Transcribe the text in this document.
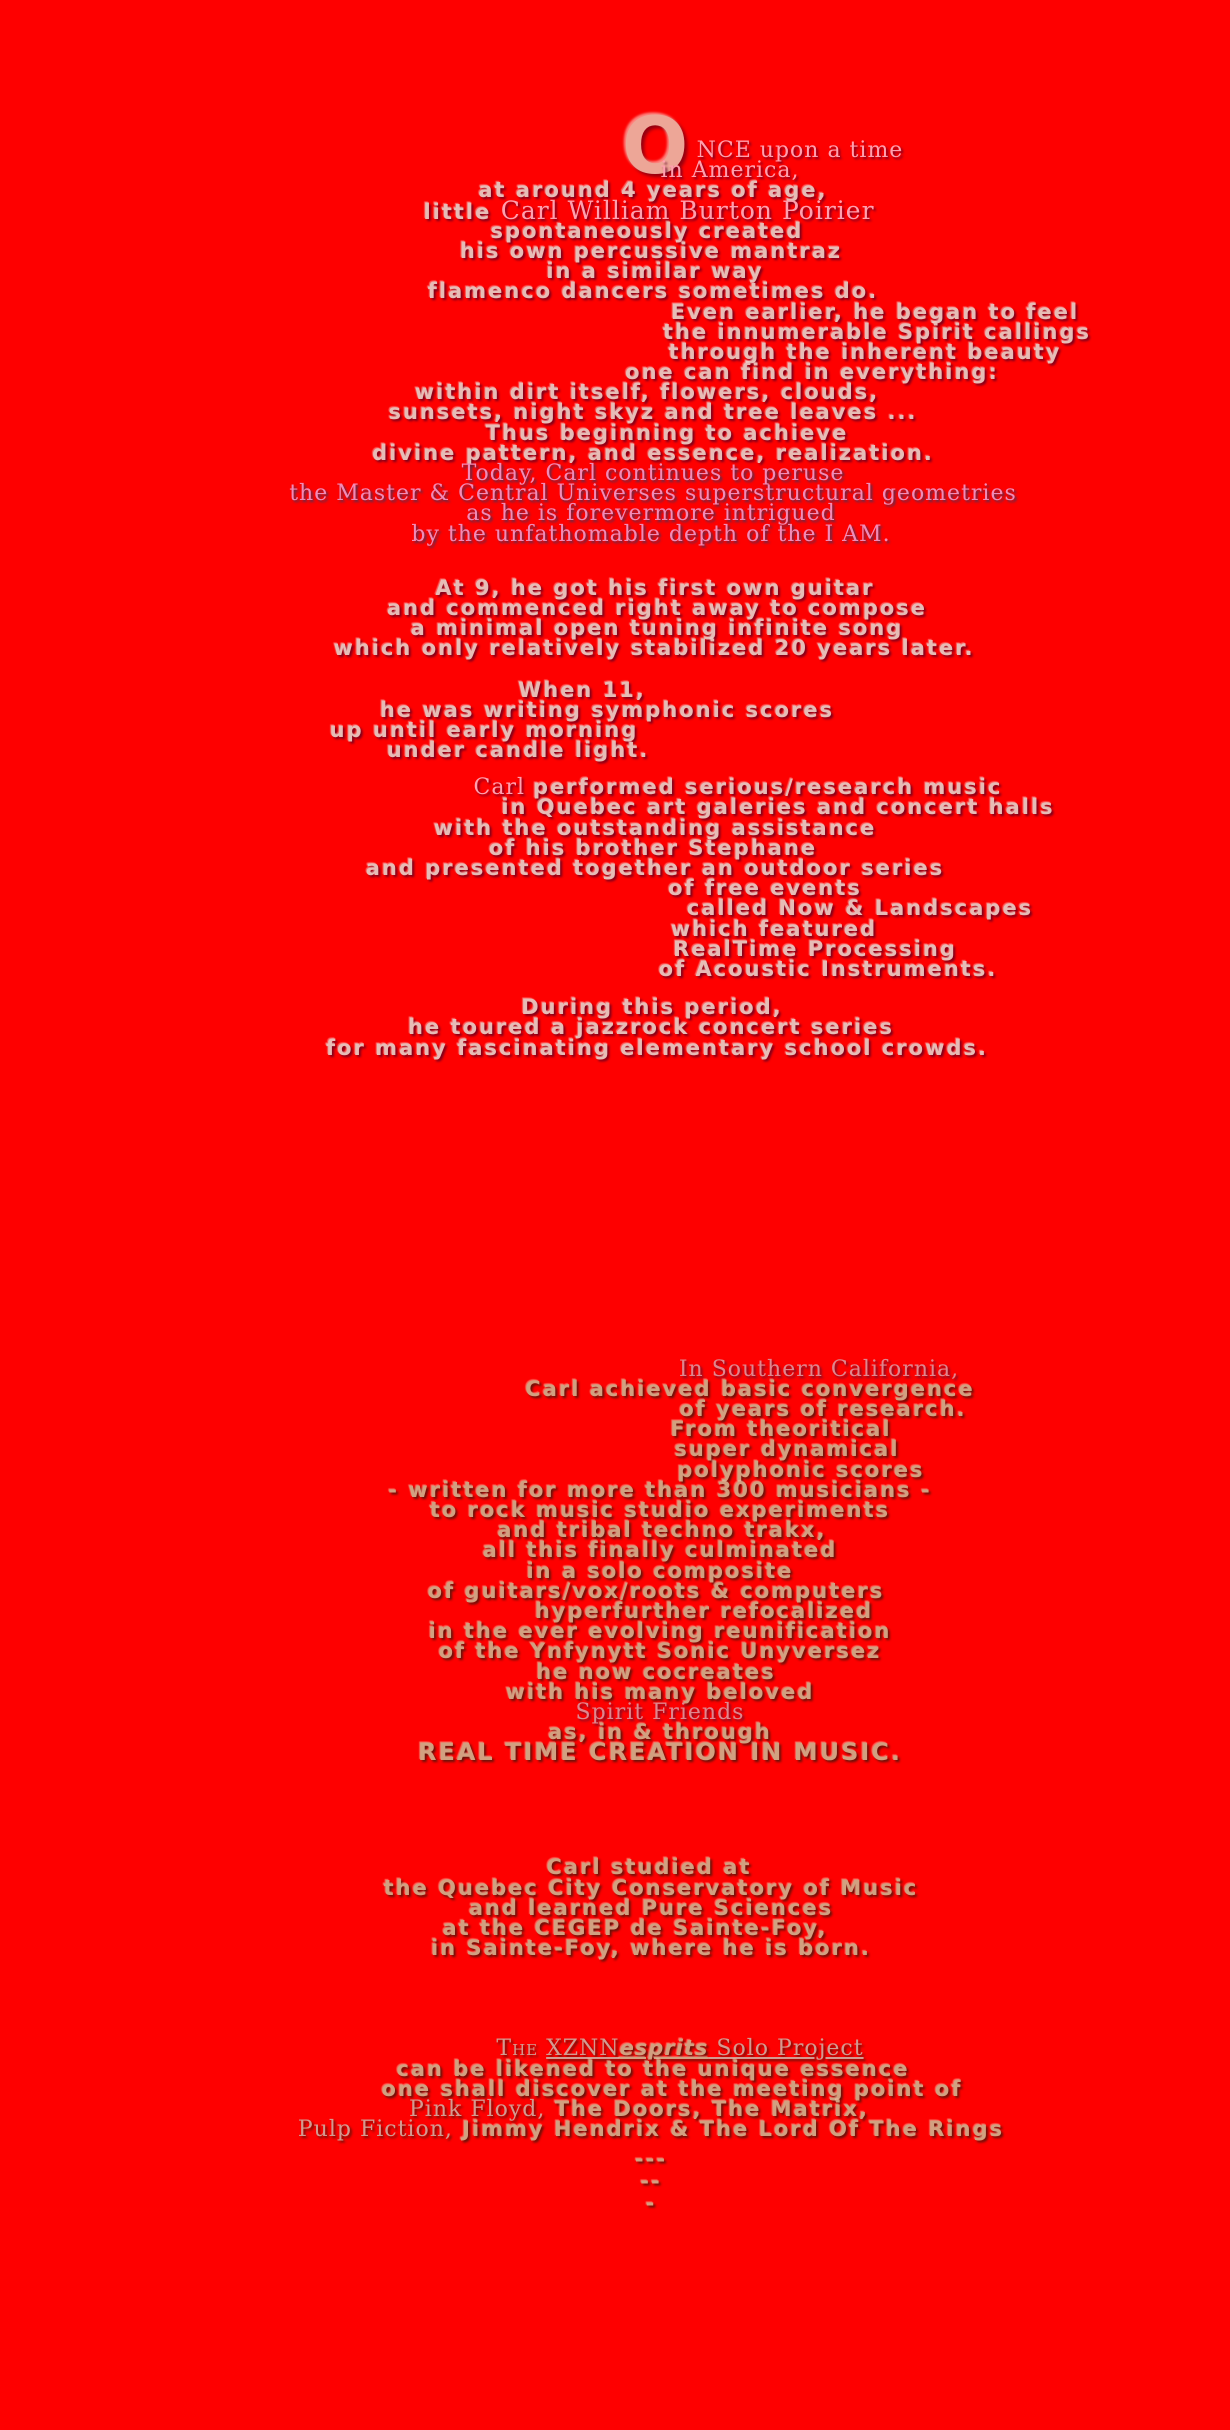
O NCE upon a time
in America,
at around 4 years of age,
little Carl William Burton Poirier
spontaneously created
his own percussive mantraz
in a similar way
flamenco dancers sometimes do.
Even earlier, he began to feel
the innumerable Spirit callings
through the inherent beauty
one can find in everything:
within dirt itself, flowers, clouds,
sunsets, night skyz and tree leaves ...
Thus beginning to achieve
divine pattern, and essence, realization.
Today, Carl continues to peruse
the Master & Central Universes superstructural geometries
as he is forevermore intrigued
by the unfathomable depth of the I AM.
At 9, he got his first own guitar
and commenced right away to compose
a minimal open tuning infinite song
which only relatively stabilized 20 years later.
When 11,
he was writing symphonic scores
up until early morning
under candle light.
Carl performed serious/research music
in Quebec art galeries and concert halls
with the outstanding assistance
of his brother Stephane
and presented together an outdoor series
of free events
called Now & Landscapes
which featured
RealTime Processing
of Acoustic Instruments.
During this period,
he toured a jazzrock concert series
for many fascinating elementary school crowds.
In Southern California,
Carl achieved basic convergence
of years of research.
From theoritical
super dynamical
polyphonic scores
- written for more than 300 musicians -
to rock music studio experiments
and tribal techno trakx,
all this finally culminated
in a solo composite
of guitars/vox/roots & computers
hyperfurther refocalized
in the ever evolving reunification
of the Ynfynytt Sonic Unyversez
he now cocreates
with his many beloved
Spirit Friends
as, in & through
REAL TIME CREATION IN MUSIC.
Carl studied at
the Quebec City Conservatory of Music
and learned Pure Sciences
at the CEGEP de Sainte-Foy,
in Sainte-Foy, where he is born.
The XZNNesprits Solo Project
can be likened to the unique essence
one shall discover at the meeting point of
Pink Floyd, The Doors, The Matrix,
Pulp Fiction, Jimmy Hendrix & The Lord Of The Rings
---
--
-
